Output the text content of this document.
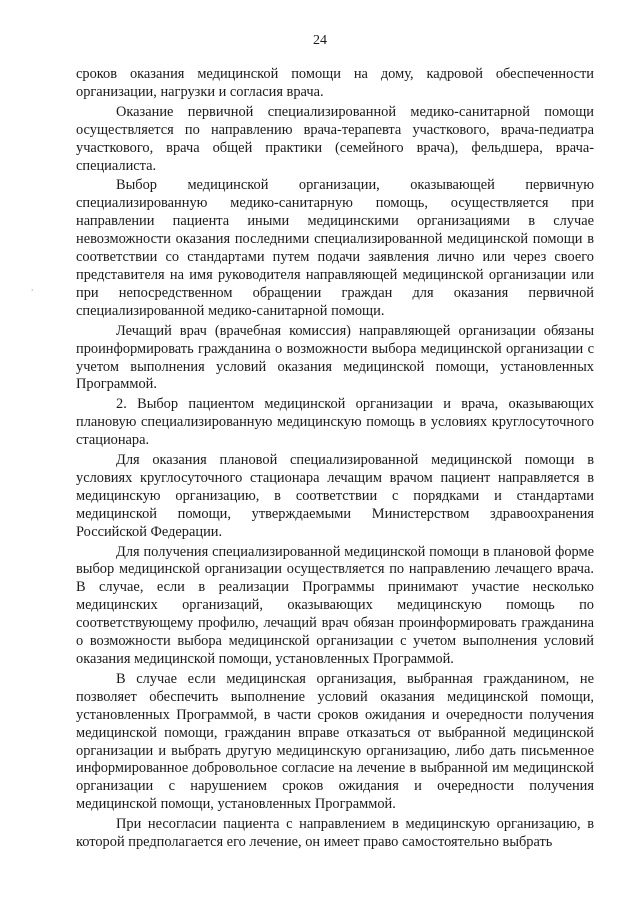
24

сроков оказания медицинской помощи на дому, кадровой обеспеченности организации, нагрузки и согласия врача.

Оказание первичной специализированной медико-санитарной помощи осуществляется по направлению врача-терапевта участкового, врача-педиатра участкового, врача общей практики (семейного врача), фельдшера, врача-специалиста.

Выбор медицинской организации, оказывающей первичную специализированную медико-санитарную помощь, осуществляется при направлении пациента иными медицинскими организациями в случае невозможности оказания последними специализированной медицинской помощи в соответствии со стандартами путем подачи заявления лично или через своего представителя на имя руководителя направляющей медицинской организации или при непосредственном обращении граждан для оказания первичной специализированной медико-санитарной помощи.

Лечащий врач (врачебная комиссия) направляющей организации обязаны проинформировать гражданина о возможности выбора медицинской организации с учетом выполнения условий оказания медицинской помощи, установленных Программой.

2. Выбор пациентом медицинской организации и врача, оказывающих плановую специализированную медицинскую помощь в условиях круглосуточного стационара.

Для оказания плановой специализированной медицинской помощи в условиях круглосуточного стационара лечащим врачом пациент направляется в медицинскую организацию, в соответствии с порядками и стандартами медицинской помощи, утверждаемыми Министерством здравоохранения Российской Федерации.

Для получения специализированной медицинской помощи в плановой форме выбор медицинской организации осуществляется по направлению лечащего врача. В случае, если в реализации Программы принимают участие несколько медицинских организаций, оказывающих медицинскую помощь по соответствующему профилю, лечащий врач обязан проинформировать гражданина о возможности выбора медицинской организации с учетом выполнения условий оказания медицинской помощи, установленных Программой.

В случае если медицинская организация, выбранная гражданином, не позволяет обеспечить выполнение условий оказания медицинской помощи, установленных Программой, в части сроков ожидания и очередности получения медицинской помощи, гражданин вправе отказаться от выбранной медицинской организации и выбрать другую медицинскую организацию, либо дать письменное информированное добровольное согласие на лечение в выбранной им медицинской организации с нарушением сроков ожидания и очередности получения медицинской помощи, установленных Программой.

При несогласии пациента с направлением в медицинскую организацию, в которой предполагается его лечение, он имеет право самостоятельно выбрать

,
